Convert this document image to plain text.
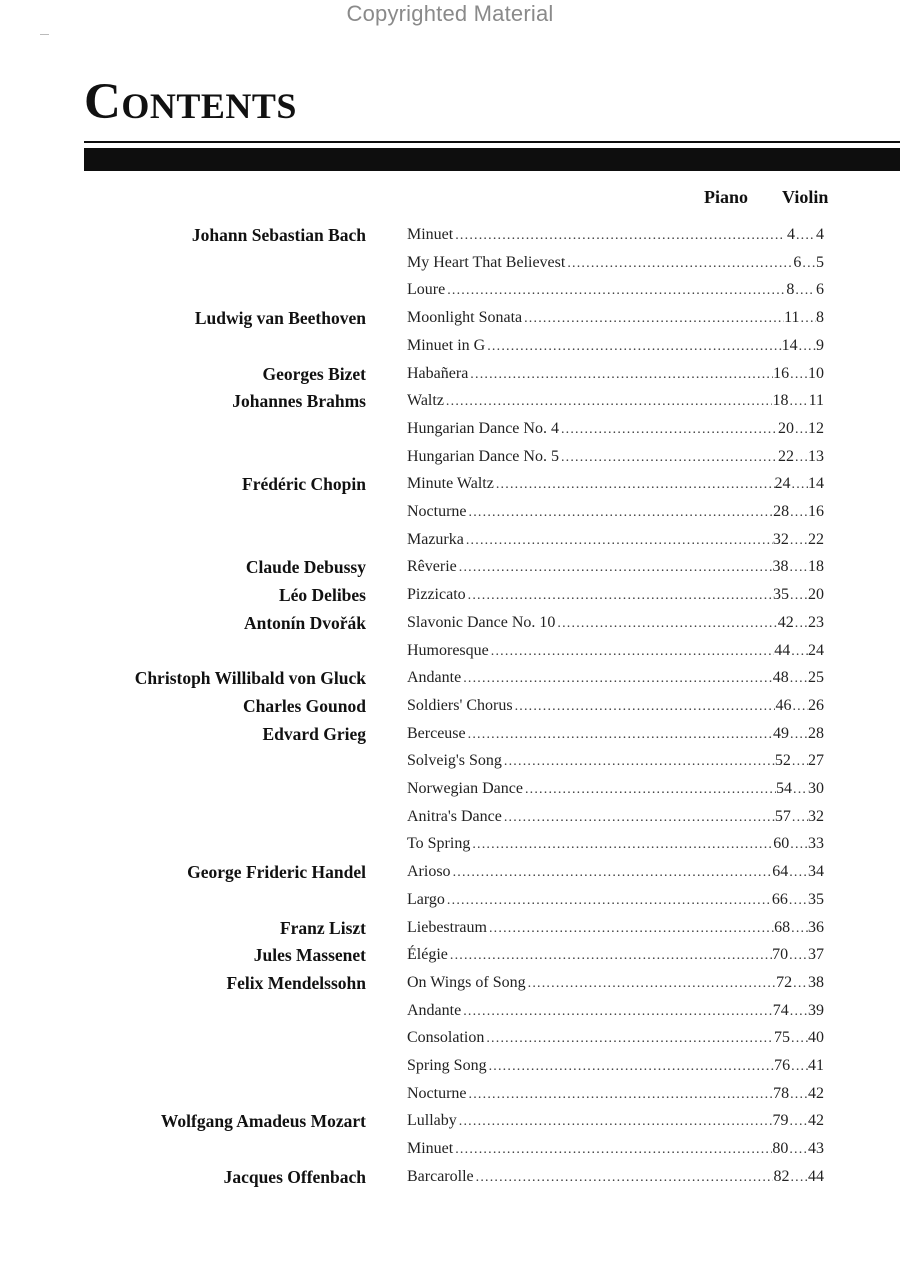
Copyrighted Material
Contents
Piano Violin
Johann Sebastian Bach	Minuet .....	4 ..... 4
My Heart That Believest .....	6 ..... 5
Loure .....	8 ..... 6
Ludwig van Beethoven	Moonlight Sonata .....	11 ..... 8
Minuet in G .....	14 ..... 9
Georges Bizet	Habañera .....	16 ..... 10
Johannes Brahms	Waltz .....	18 ..... 11
Hungarian Dance No. 4 .....	20 ..... 12
Hungarian Dance No. 5 .....	22 ..... 13
Frédéric Chopin	Minute Waltz .....	24 ..... 14
Nocturne .....	28 ..... 16
Mazurka .....	32 ..... 22
Claude Debussy	Rêverie .....	38 ..... 18
Léo Delibes	Pizzicato .....	35 ..... 20
Antonín Dvořák	Slavonic Dance No. 10 .....	42 ..... 23
Humoresque .....	44 ..... 24
Christoph Willibald von Gluck	Andante .....	48 ..... 25
Charles Gounod	Soldiers' Chorus .....	46 ..... 26
Edvard Grieg	Berceuse .....	49 ..... 28
Solveig's Song .....	52 ..... 27
Norwegian Dance .....	54 ..... 30
Anitra's Dance .....	57 ..... 32
To Spring .....	60 ..... 33
George Frideric Handel	Arioso .....	64 ..... 34
Largo .....	66 ..... 35
Franz Liszt	Liebestraum .....	68 ..... 36
Jules Massenet	Élégie .....	70 ..... 37
Felix Mendelssohn	On Wings of Song .....	72 ..... 38
Andante .....	74 ..... 39
Consolation .....	75 ..... 40
Spring Song .....	76 ..... 41
Nocturne .....	78 ..... 42
Wolfgang Amadeus Mozart	Lullaby .....	79 ..... 42
Minuet .....	80 ..... 43
Jacques Offenbach	Barcarolle .....	82 ..... 44
